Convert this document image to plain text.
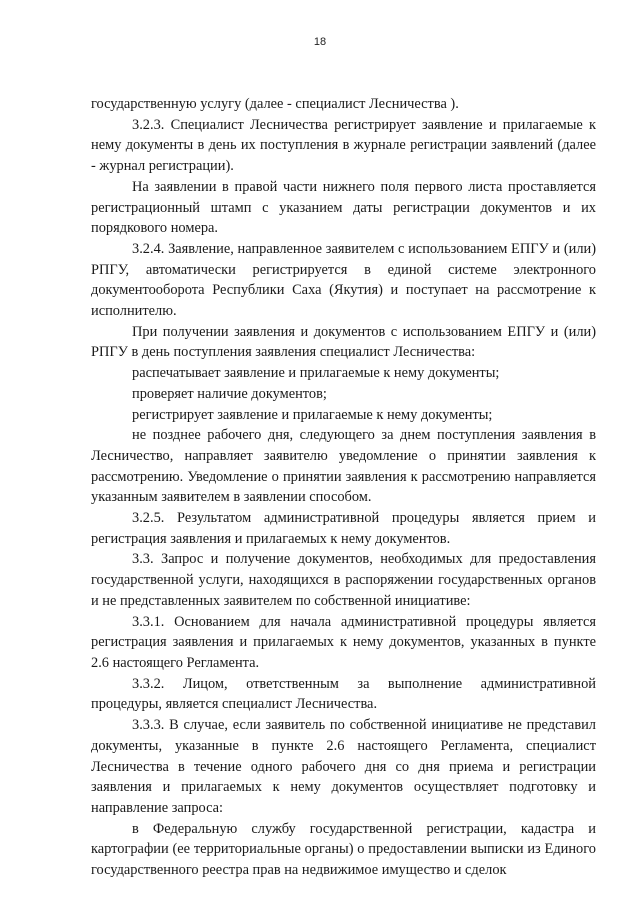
18

государственную услугу (далее - специалист Лесничества ).

3.2.3. Специалист Лесничества регистрирует заявление и прилагаемые к нему документы в день их поступления в журнале регистрации заявлений (далее - журнал регистрации).

На заявлении в правой части нижнего поля первого листа проставляется регистрационный штамп с указанием даты регистрации документов и их порядкового номера.

3.2.4. Заявление, направленное заявителем с использованием ЕПГУ и (или) РПГУ, автоматически регистрируется в единой системе электронного документооборота Республики Саха (Якутия) и поступает на рассмотрение к исполнителю.

При получении заявления и документов с использованием ЕПГУ и (или) РПГУ в день поступления заявления специалист Лесничества:

распечатывает заявление и прилагаемые к нему документы;

проверяет наличие документов;

регистрирует заявление и прилагаемые к нему документы;

не позднее рабочего дня, следующего за днем поступления заявления в Лесничество, направляет заявителю уведомление о принятии заявления к рассмотрению. Уведомление о принятии заявления к рассмотрению направляется указанным заявителем в заявлении способом.

3.2.5. Результатом административной процедуры является прием и регистрация заявления и прилагаемых к нему документов.

3.3. Запрос и получение документов, необходимых для предоставления государственной услуги, находящихся в распоряжении государственных органов и не представленных заявителем по собственной инициативе:

3.3.1. Основанием для начала административной процедуры является регистрация заявления и прилагаемых к нему документов, указанных в пункте 2.6 настоящего Регламента.

3.3.2. Лицом, ответственным за выполнение административной процедуры, является специалист Лесничества.

3.3.3. В случае, если заявитель по собственной инициативе не представил документы, указанные в пункте 2.6 настоящего Регламента, специалист Лесничества в течение одного рабочего дня со дня приема и регистрации заявления и прилагаемых к нему документов осуществляет подготовку и направление запроса:

в Федеральную службу государственной регистрации, кадастра и картографии (ее территориальные органы) о предоставлении выписки из Единого государственного реестра прав на недвижимое имущество и сделок
